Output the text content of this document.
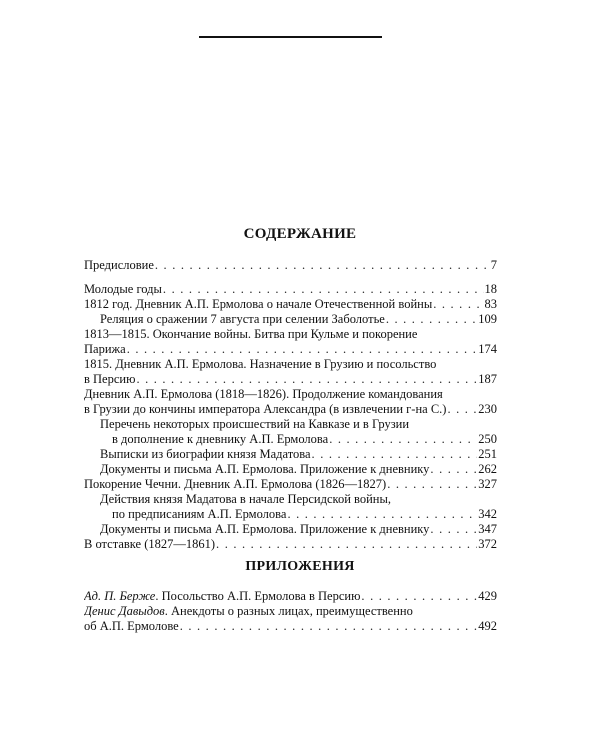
СОДЕРЖАНИЕ
Предисловие . . .	7
Молодые годы . . .	18
1812 год. Дневник А.П. Ермолова о начале Отечественной войны . . .	83
Реляция о сражении 7 августа при селении Заболотье . . .	109
1813—1815. Окончание войны. Битва при Кульме и покорение
Парижа . . .	174
1815. Дневник А.П. Ермолова. Назначение в Грузию и посольство
в Персию . . .	187
Дневник А.П. Ермолова (1818—1826). Продолжение командования
в Грузии до кончины императора Александра (в извлечении г-на С.) . . .	230
Перечень некоторых происшествий на Кавказе и в Грузии
в дополнение к дневнику А.П. Ермолова . . .	250
Выписки из биографии князя Мадатова . . .	251
Документы и письма А.П. Ермолова. Приложение к дневнику . . .	262
Покорение Чечни. Дневник А.П. Ермолова (1826—1827) . . .	327
Действия князя Мадатова в начале Персидской войны,
по предписаниям А.П. Ермолова . . .	342
Документы и письма А.П. Ермолова. Приложение к дневнику . . .	347
В отставке (1827—1861) . . .	372
ПРИЛОЖЕНИЯ
Ад. П. Берже. Посольство А.П. Ермолова в Персию . . .	429
Денис Давыдов. Анекдоты о разных лицах, преимущественно
об А.П. Ермолове . . .	492
